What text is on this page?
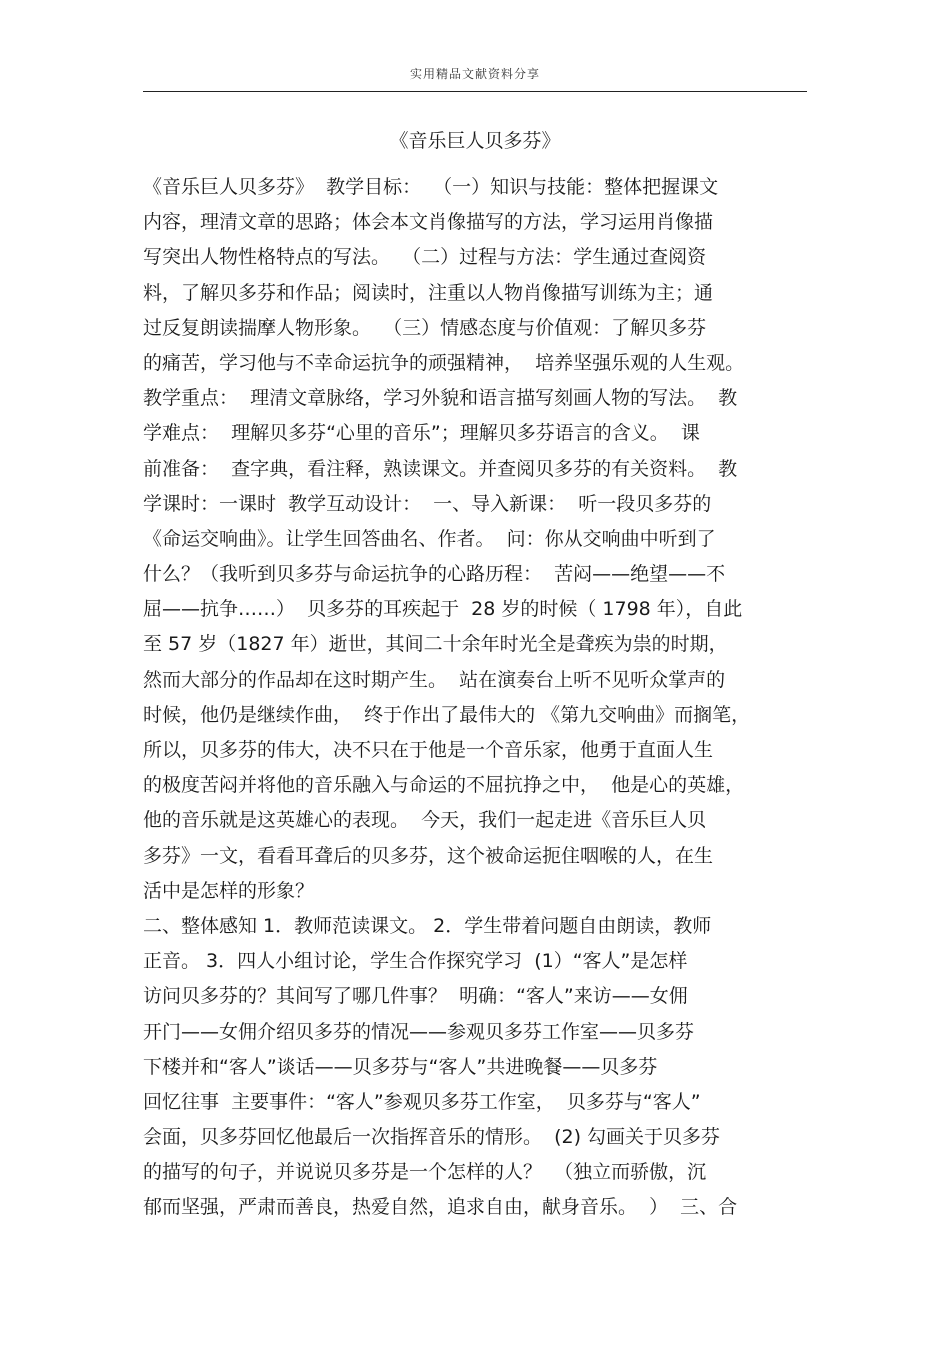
实用精品文献资料分享
《音乐巨人贝多芬》
《音乐巨人贝多芬》  教学目标：  （一）知识与技能：整体把握课文
内容，理清文章的思路；体会本文肖像描写的方法，学习运用肖像描
写突出人物性格特点的写法。  （二）过程与方法：学生通过查阅资
料，了解贝多芬和作品；阅读时，注重以人物肖像描写训练为主；通
过反复朗读揣摩人物形象。  （三）情感态度与价值观：了解贝多芬
的痛苦，学习他与不幸命运抗争的顽强精神，  培养坚强乐观的人生观。
教学重点：  理清文章脉络，学习外貌和语言描写刻画人物的写法。  教
学难点：  理解贝多芬“心里的音乐”；理解贝多芬语言的含义。  课
前准备：  查字典，看注释，熟读课文。并查阅贝多芬的有关资料。  教
学课时：一课时  教学互动设计：  一、导入新课：  听一段贝多芬的
《命运交响曲》。让学生回答曲名、作者。  问：你从交响曲中听到了
什么？（我听到贝多芬与命运抗争的心路历程：  苦闷——绝望——不
屈——抗争……）  贝多芬的耳疾起于  28 岁的时候（ 1798 年），自此
至 57 岁（1827 年）逝世，其间二十余年时光全是聋疾为祟的时期，
然而大部分的作品却在这时期产生。  站在演奏台上听不见听众掌声的
时候，他仍是继续作曲，  终于作出了最伟大的 《第九交响曲》而搁笔，
所以，贝多芬的伟大，决不只在于他是一个音乐家，他勇于直面人生
的极度苦闷并将他的音乐融入与命运的不屈抗挣之中，  他是心的英雄，
他的音乐就是这英雄心的表现。  今天，我们一起走进《音乐巨人贝
多芬》一文，看看耳聋后的贝多芬，这个被命运扼住咽喉的人，在生
活中是怎样的形象？
二、整体感知 1．教师范读课文。 2．学生带着问题自由朗读，教师
正音。 3．四人小组讨论，学生合作探究学习  (1）“客人”是怎样
访问贝多芬的？其间写了哪几件事？  明确：“客人”来访——女佣
开门——女佣介绍贝多芬的情况——参观贝多芬工作室——贝多芬
下楼并和“客人”谈话——贝多芬与“客人”共进晚餐——贝多芬
回忆往事  主要事件：“客人”参观贝多芬工作室，  贝多芬与“客人”
会面，贝多芬回忆他最后一次指挥音乐的情形。  (2) 勾画关于贝多芬
的描写的句子，并说说贝多芬是一个怎样的人？  （独立而骄傲，沉
郁而坚强，严肃而善良，热爱自然，追求自由，献身音乐。  ）  三、合
